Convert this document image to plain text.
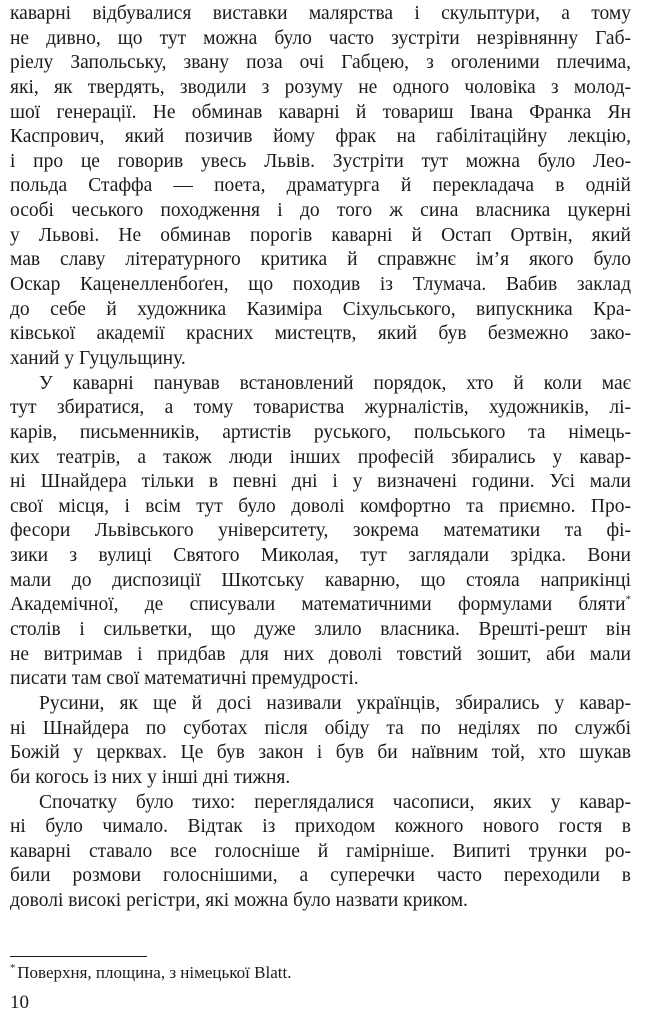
каварні відбувалися виставки малярства і скульптури, а тому
не дивно, що тут можна було часто зустріти незрівнянну Габ-
ріелу Запольську, звану поза очі Габцею, з оголеними плечима,
які, як твердять, зводили з розуму не одного чоловіка з молод-
шої генерації. Не обминав каварні й товариш Івана Франка Ян
Каспрович, який позичив йому фрак на габілітаційну лекцію,
і про це говорив увесь Львів. Зустріти тут можна було Лео-
польда Стаффа — поета, драматурга й перекладача в одній
особі чеського походження і до того ж сина власника цукерні
у Львові. Не обминав порогів каварні й Остап Ортвін, який
мав славу літературного критика й справжнє ім’я якого було
Оскар Каценелленбоґен, що походив із Тлумача. Вабив заклад
до себе й художника Казиміра Сіхульського, випускника Кра-
ківської академії красних мистецтв, який був безмежно зако-
ханий у Гуцульщину.
У каварні панував встановлений порядок, хто й коли має
тут збиратися, а тому товариства журналістів, художників, лі-
карів, письменників, артистів руського, польського та німець-
ких театрів, а також люди інших професій збирались у кавар-
ні Шнайдера тільки в певні дні і у визначені години. Усі мали
свої місця, і всім тут було доволі комфортно та приємно. Про-
фесори Львівського університету, зокрема математики та фі-
зики з вулиці Святого Миколая, тут заглядали зрідка. Вони
мали до диспозиції Шкотську каварню, що стояла наприкінці
Академічної, де списували математичними формулами бляти*
столів і сильветки, що дуже злило власника. Врешті-решт він
не витримав і придбав для них доволі товстий зошит, аби мали
писати там свої математичні премудрості.
Русини, як ще й досі називали українців, збирались у кавар-
ні Шнайдера по суботах після обіду та по неділях по службі
Божій у церквах. Це був закон і був би наївним той, хто шукав
би когось із них у інші дні тижня.
Спочатку було тихо: переглядалися часописи, яких у кавар-
ні було чимало. Відтак із приходом кожного нового гостя в
каварні ставало все голосніше й гамірніше. Випиті трунки ро-
били розмови голоснішими, а суперечки часто переходили в
доволі високі регістри, які можна було назвати криком.
* Поверхня, площина, з німецької Blatt.
10
